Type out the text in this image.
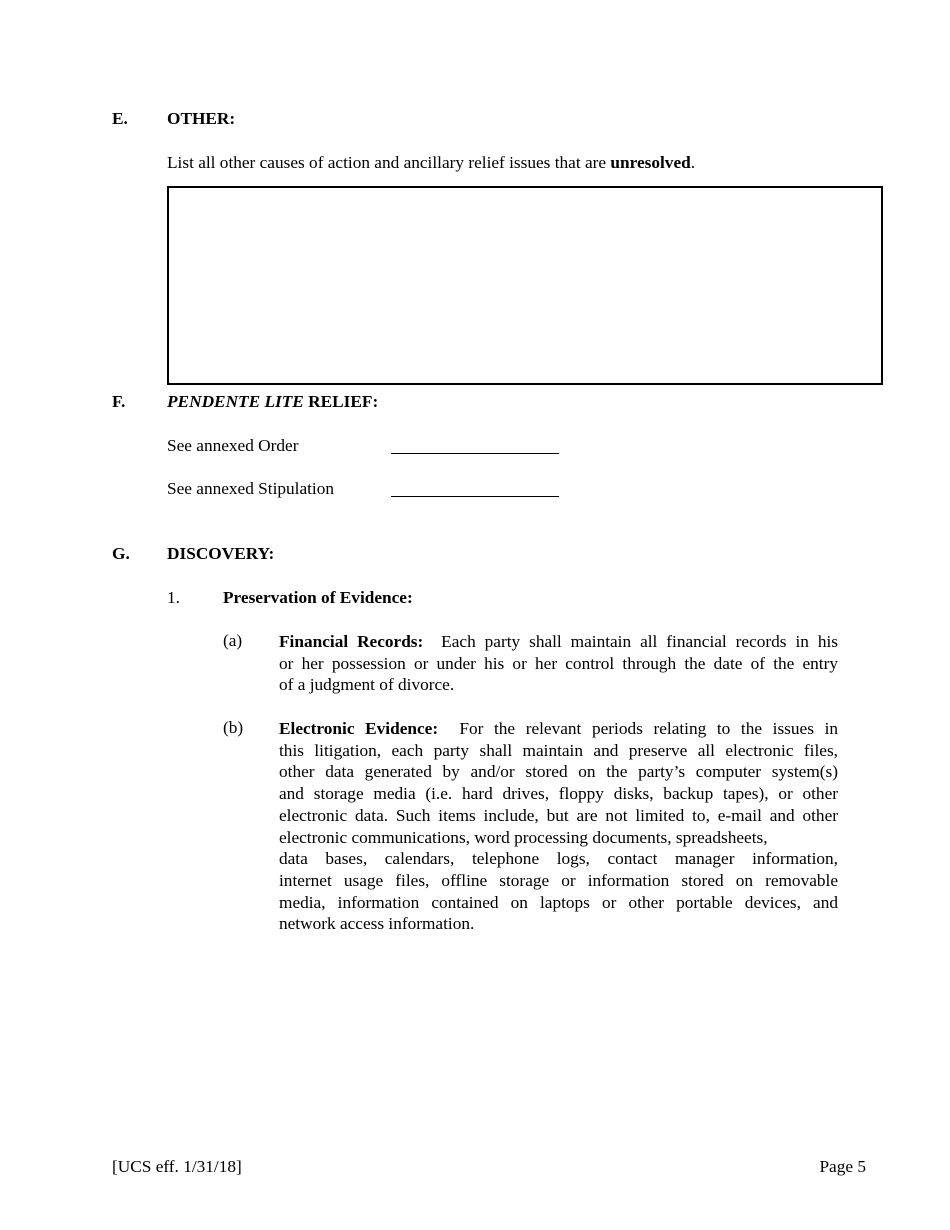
E. OTHER:
List all other causes of action and ancillary relief issues that are unresolved.
F. PENDENTE LITE RELIEF:
See annexed Order
See annexed Stipulation
G. DISCOVERY:
1. Preservation of Evidence:
(a) Financial Records: Each party shall maintain all financial records in his
or her possession or under his or her control through the date of the entry
of a judgment of divorce.
(b) Electronic Evidence: For the relevant periods relating to the issues in
this litigation, each party shall maintain and preserve all electronic files,
other data generated by and/or stored on the party’s computer system(s)
and storage media (i.e. hard drives, floppy disks, backup tapes), or other
electronic data. Such items include, but are not limited to, e-mail and other
electronic communications, word processing documents, spreadsheets,
data bases, calendars, telephone logs, contact manager information,
internet usage files, offline storage or information stored on removable
media, information contained on laptops or other portable devices, and
network access information.
[UCS eff. 1/31/18]	Page 5
